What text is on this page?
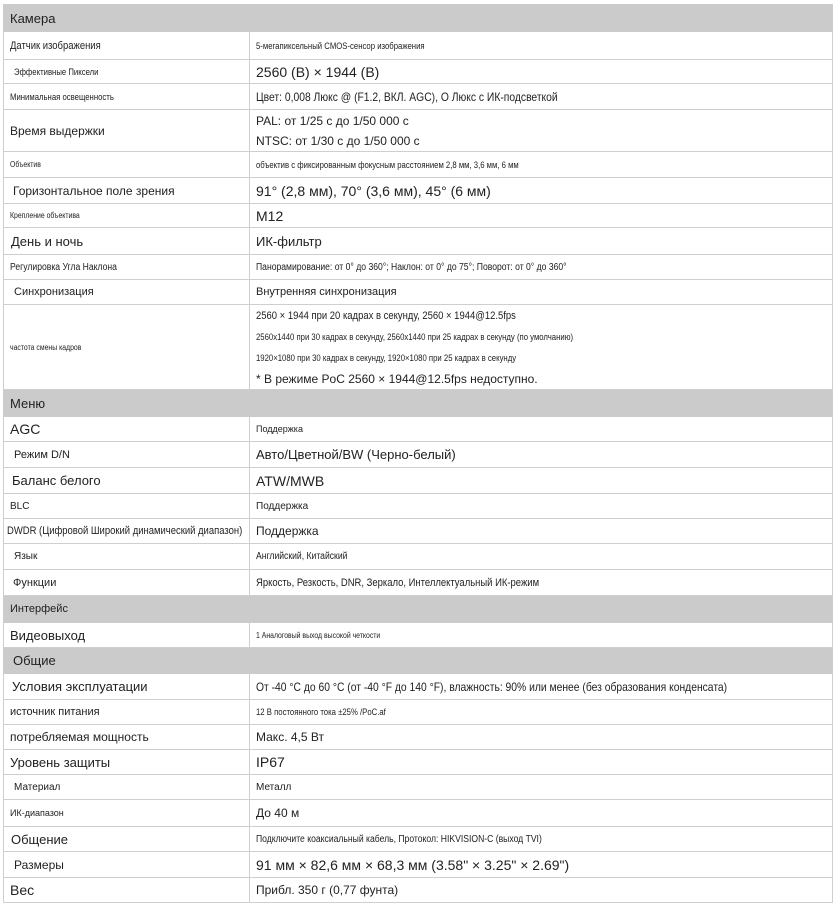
Камера	
Датчик изображения	5-мегапиксельный CMOS-сенсор изображения
Эффективные Пиксели	2560 (В) × 1944 (В)
Минимальная освещенность	Цвет: 0,008 Люкс @ (F1.2, ВКЛ. AGC), О Люкс с ИК-подсветкой
Время выдержки	PAL: от 1/25 с до 1/50 000 с
NTSC: от 1/30 с до 1/50 000 с

Объектив	объектив с фиксированным фокусным расстоянием 2,8 мм, 3,6 мм, 6 мм
Горизонтальное поле зрения	91° (2,8 мм), 70° (3,6 мм), 45° (6 мм)
Крепление объектива	M12
День и ночь	ИК-фильтр
Регулировка Угла Наклона	Панорамирование: от 0° до 360°; Наклон: от 0° до 75°; Поворот: от 0° до 360°
Синхронизация	Внутренняя синхронизация
частота смены кадров	2560 × 1944 при 20 кадрах в секунду, 2560 × 1944@12.5fps
2560x1440 при 30 кадрах в секунду, 2560x1440 при 25 кадрах в секунду (по умолчанию)
1920×1080 при 30 кадрах в секунду, 1920×1080 при 25 кадрах в секунду
* В режиме PoC 2560 × 1944@12.5fps недоступно.

Меню	
AGC	Поддержка
Режим D/N	Авто/Цветной/BW (Черно-белый)
Баланс белого	ATW/MWB
BLC	Поддержка
DWDR (Цифровой Широкий динамический диапазон)	Поддержка
Язык	Английский, Китайский
Функции	Яркость, Резкость, DNR, Зеркало, Интеллектуальный ИК-режим
Интерфейс	
Видеовыход	1 Аналоговый выход высокой четкости
Общие	
Условия эксплуатации	От -40 °C до 60 °C (от -40 °F до 140 °F), влажность: 90% или менее (без образования конденсата)
источник питания	12 В постоянного тока ±25% /PoC.af
потребляемая мощность	Макс. 4,5 Вт
Уровень защиты	IP67
Материал	Металл
ИК-диапазон	До 40 м
Общение	Подключите коаксиальный кабель, Протокол: HIKVISION-C (выход TVI)
Размеры	91 мм × 82,6 мм × 68,3 мм (3.58" × 3.25" × 2.69")
Вес	Прибл. 350 г (0,77 фунта)
